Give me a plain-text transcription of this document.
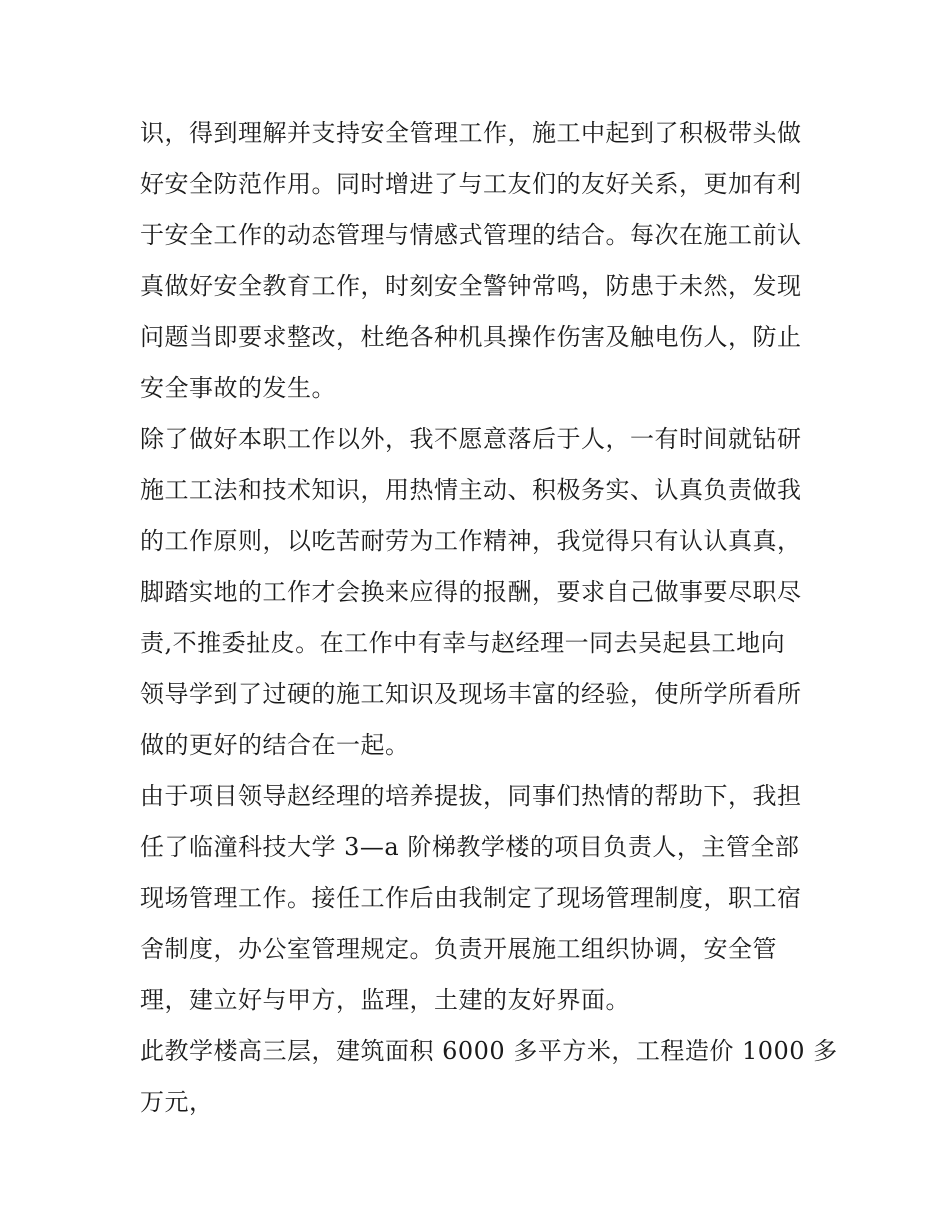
识，得到理解并支持安全管理工作，施工中起到了积极带头做
好安全防范作用。同时增进了与工友们的友好关系，更加有利
于安全工作的动态管理与情感式管理的结合。每次在施工前认
真做好安全教育工作，时刻安全警钟常鸣，防患于未然，发现
问题当即要求整改，杜绝各种机具操作伤害及触电伤人，防止
安全事故的发生。
除了做好本职工作以外，我不愿意落后于人，一有时间就钻研
施工工法和技术知识，用热情主动、积极务实、认真负责做我
的工作原则，以吃苦耐劳为工作精神，我觉得只有认认真真，
脚踏实地的工作才会换来应得的报酬，要求自己做事要尽职尽
责,不推委扯皮。在工作中有幸与赵经理一同去吴起县工地向
领导学到了过硬的施工知识及现场丰富的经验，使所学所看所
做的更好的结合在一起。
由于项目领导赵经理的培养提拔，同事们热情的帮助下，我担
任了临潼科技大学 3—a 阶梯教学楼的项目负责人，主管全部
现场管理工作。接任工作后由我制定了现场管理制度，职工宿
舍制度，办公室管理规定。负责开展施工组织协调，安全管
理，建立好与甲方，监理，土建的友好界面。
此教学楼高三层，建筑面积 6000 多平方米，工程造价 1000 多
万元，
